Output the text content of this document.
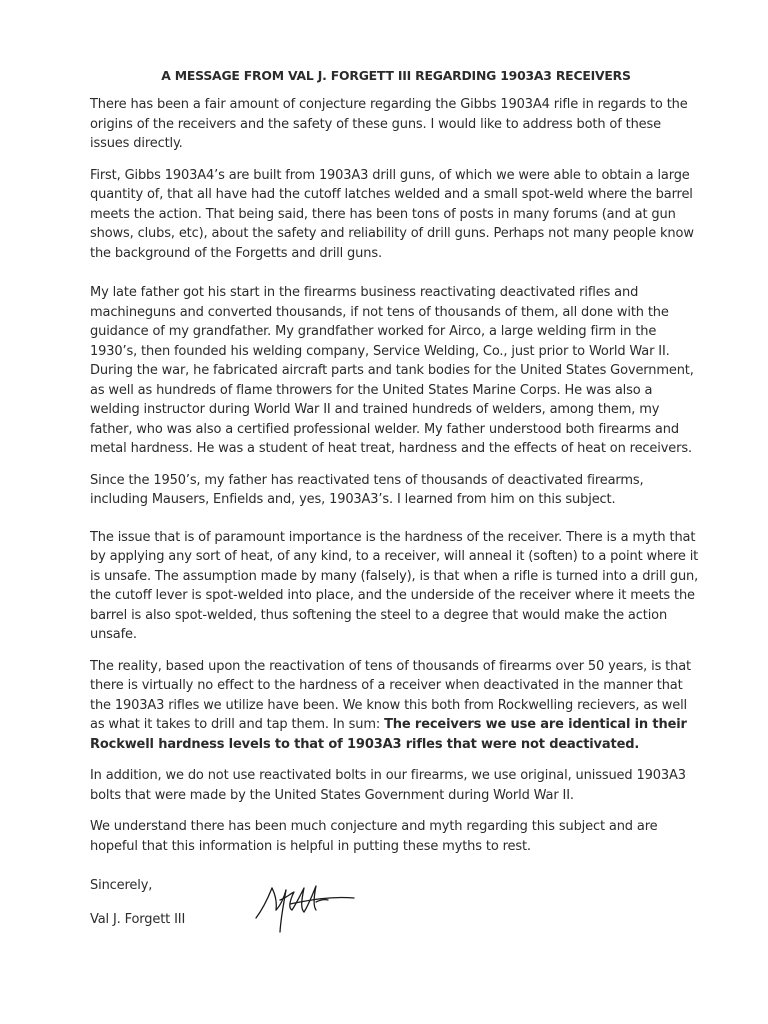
A MESSAGE FROM VAL J. FORGETT III REGARDING 1903A3 RECEIVERS

There has been a fair amount of conjecture regarding the Gibbs 1903A4 rifle in regards to the origins of the receivers and the safety of these guns. I would like to address both of these issues directly.

First, Gibbs 1903A4’s are built from 1903A3 drill guns, of which we were able to obtain a large quantity of, that all have had the cutoff latches welded and a small spot-weld where the barrel meets the action. That being said, there has been tons of posts in many forums (and at gun shows, clubs, etc), about the safety and reliability of drill guns. Perhaps not many people know the background of the Forgetts and drill guns.

My late father got his start in the firearms business reactivating deactivated rifles and machineguns and converted thousands, if not tens of thousands of them, all done with the guidance of my grandfather. My grandfather worked for Airco, a large welding firm in the 1930’s, then founded his welding company, Service Welding, Co., just prior to World War II. During the war, he fabricated aircraft parts and tank bodies for the United States Government, as well as hundreds of flame throwers for the United States Marine Corps. He was also a welding instructor during World War II and trained hundreds of welders, among them, my father, who was also a certified professional welder. My father understood both firearms and metal hardness. He was a student of heat treat, hardness and the effects of heat on receivers.

Since the 1950’s, my father has reactivated tens of thousands of deactivated firearms, including Mausers, Enfields and, yes, 1903A3’s. I learned from him on this subject.

The issue that is of paramount importance is the hardness of the receiver. There is a myth that by applying any sort of heat, of any kind, to a receiver, will anneal it (soften) to a point where it is unsafe. The assumption made by many (falsely), is that when a rifle is turned into a drill gun, the cutoff lever is spot-welded into place, and the underside of the receiver where it meets the barrel is also spot-welded, thus softening the steel to a degree that would make the action unsafe.

The reality, based upon the reactivation of tens of thousands of firearms over 50 years, is that there is virtually no effect to the hardness of a receiver when deactivated in the manner that the 1903A3 rifles we utilize have been. We know this both from Rockwelling recievers, as well as what it takes to drill and tap them. In sum: The receivers we use are identical in their Rockwell hardness levels to that of 1903A3 rifles that were not deactivated.

In addition, we do not use reactivated bolts in our firearms, we use original, unissued 1903A3 bolts that were made by the United States Government during World War II.

We understand there has been much conjecture and myth regarding this subject and are hopeful that this information is helpful in putting these myths to rest.

Sincerely,

Val J. Forgett III
